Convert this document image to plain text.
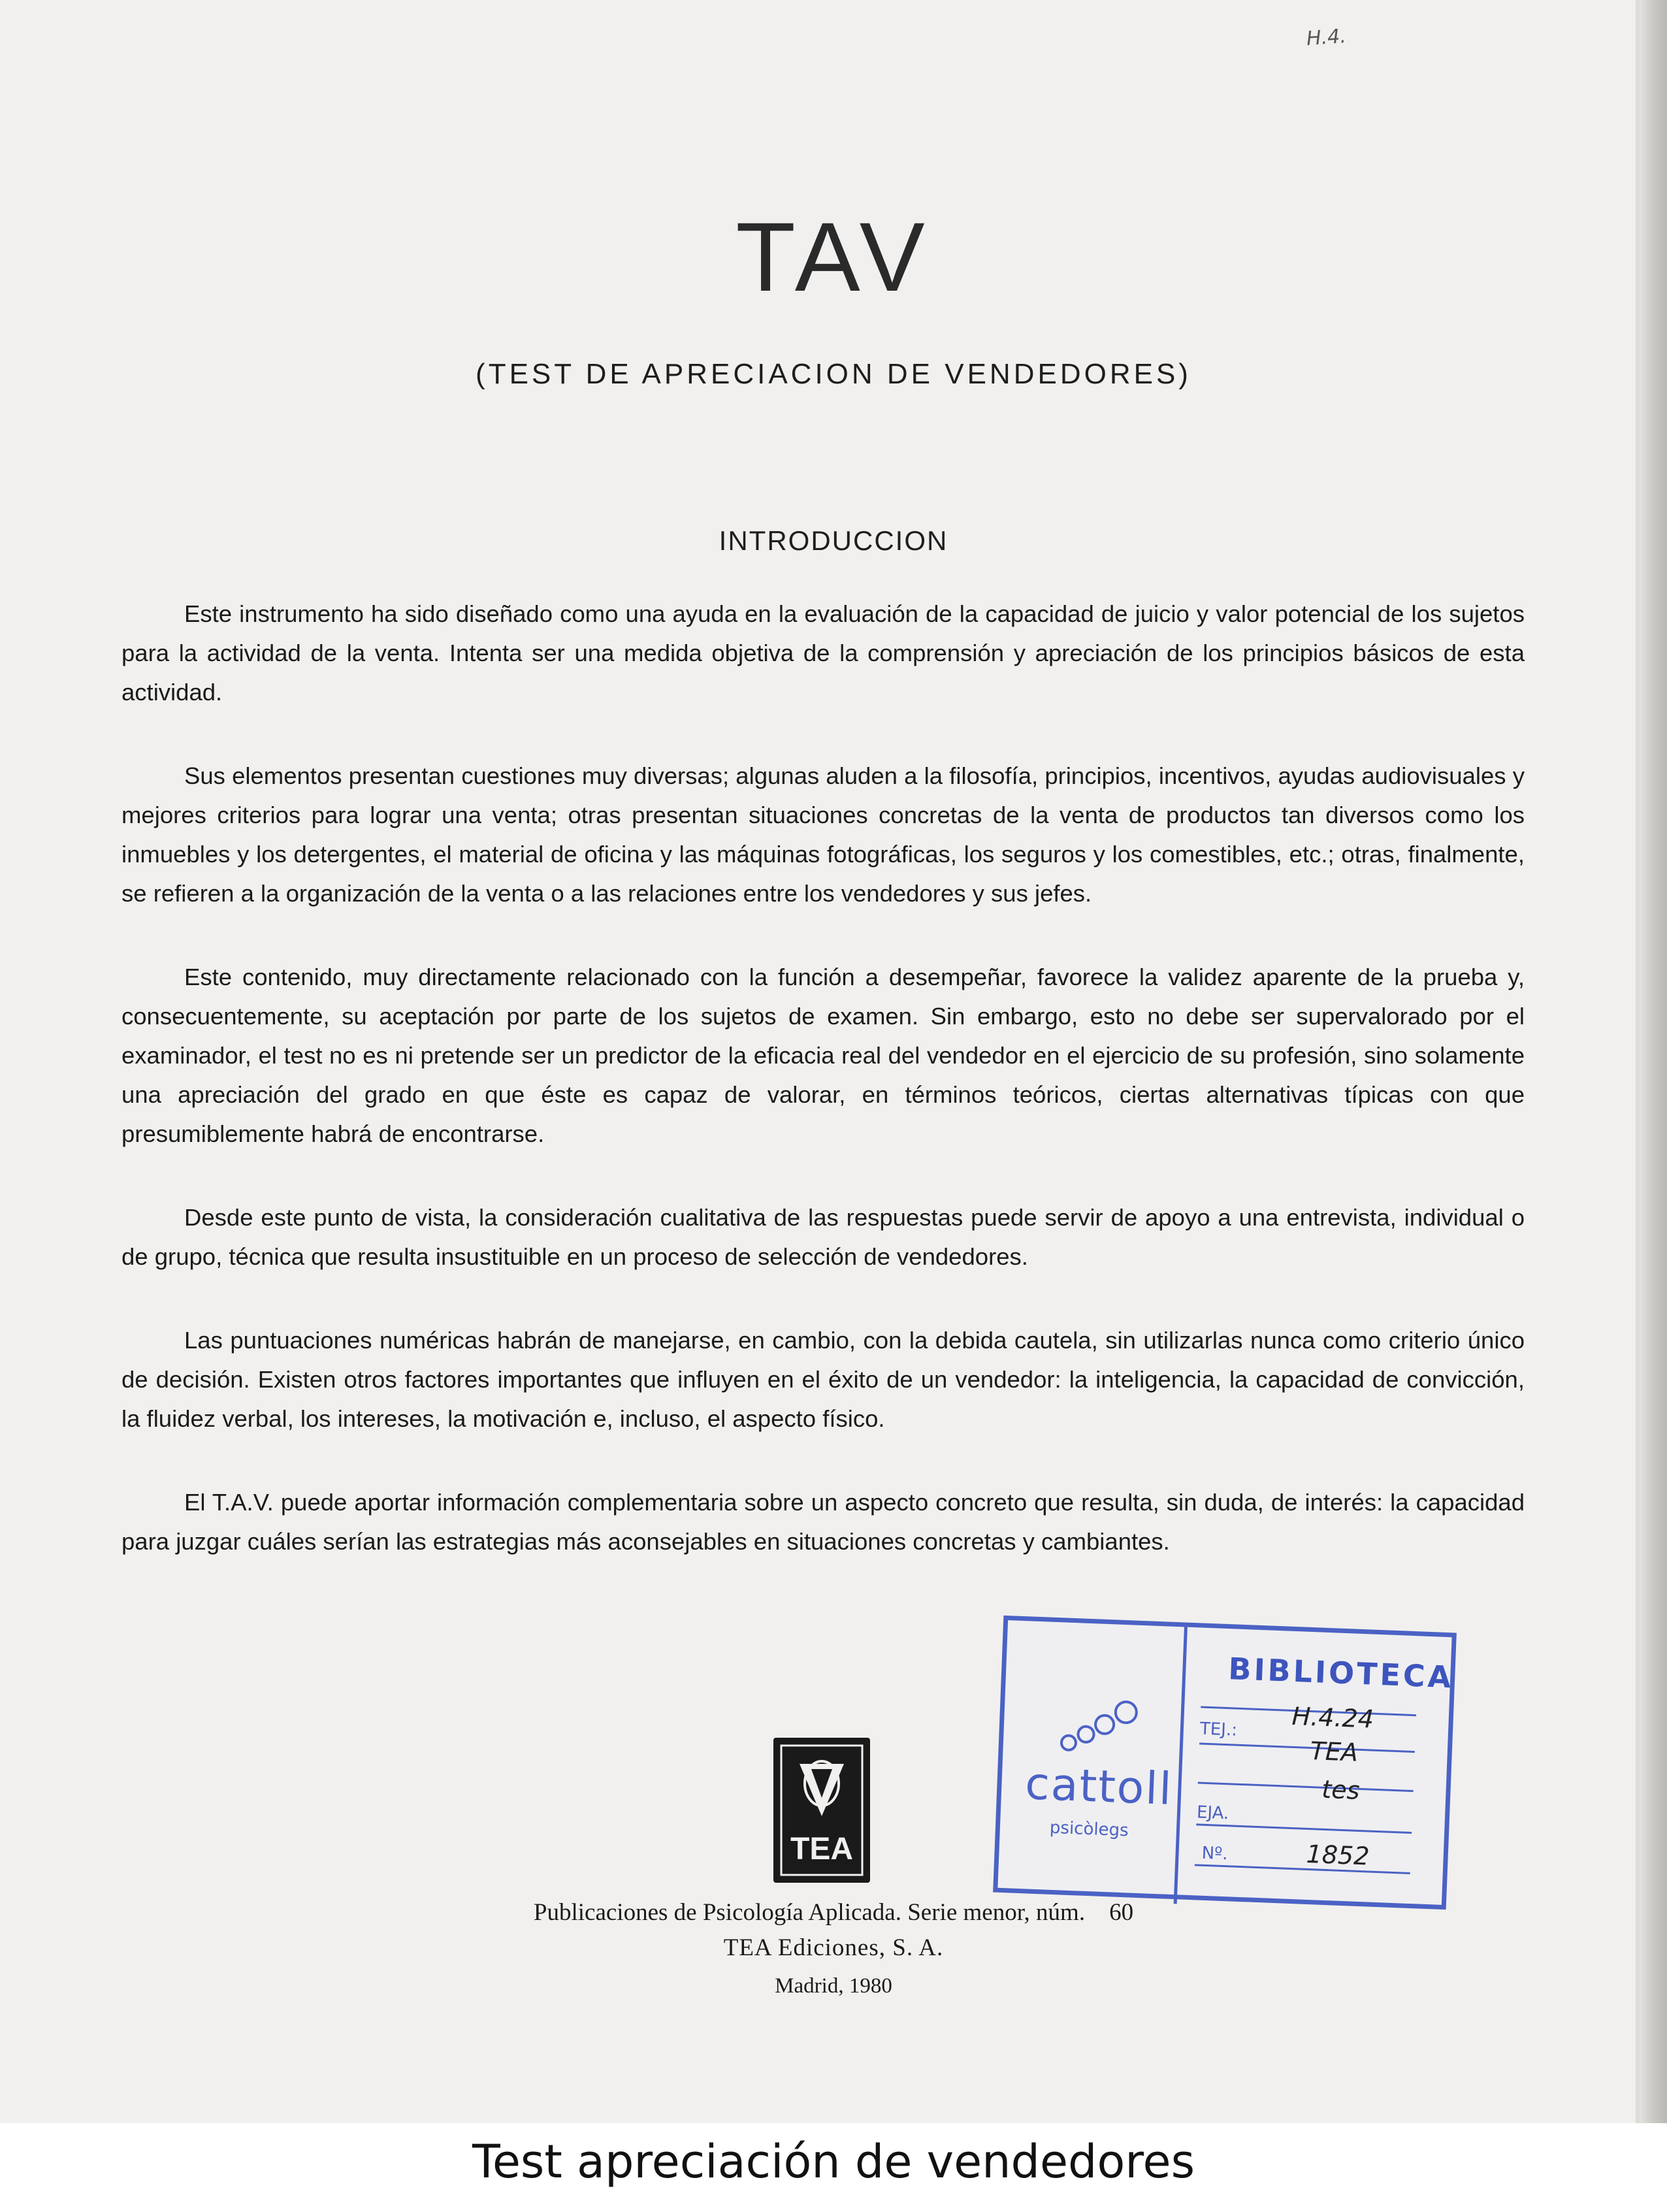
H.4.
TAV
(TEST DE APRECIACION DE VENDEDORES)
INTRODUCCION

Este instrumento ha sido diseñado como una ayuda en la evaluación de la capacidad de juicio y valor potencial de los sujetos para la actividad de la venta. Intenta ser una medida objetiva de la comprensión y apreciación de los principios básicos de esta actividad.

Sus elementos presentan cuestiones muy diversas; algunas aluden a la filosofía, principios, incentivos, ayudas audiovisuales y mejores criterios para lograr una venta; otras presentan situaciones concretas de la venta de productos tan diversos como los inmuebles y los detergentes, el material de oficina y las máquinas fotográficas, los seguros y los comestibles, etc.; otras, finalmente, se refieren a la organización de la venta o a las relaciones entre los vendedores y sus jefes.

Este contenido, muy directamente relacionado con la función a desempeñar, favorece la validez aparente de la prueba y, consecuentemente, su aceptación por parte de los sujetos de examen. Sin embargo, esto no debe ser supervalorado por el examinador, el test no es ni pretende ser un predictor de la eficacia real del vendedor en el ejercicio de su profesión, sino solamente una apreciación del grado en que éste es capaz de valorar, en términos teóricos, ciertas alternativas típicas con que presumiblemente habrá de encontrarse.

Desde este punto de vista, la consideración cualitativa de las respuestas puede servir de apoyo a una entrevista, individual o de grupo, técnica que resulta insustituible en un proceso de selección de vendedores.

Las puntuaciones numéricas habrán de manejarse, en cambio, con la debida cautela, sin utilizarlas nunca como criterio único de decisión. Existen otros factores importantes que influyen en el éxito de un vendedor: la inteligencia, la capacidad de convicción, la fluidez verbal, los intereses, la motivación e, incluso, el aspecto físico.

El T.A.V. puede aportar información complementaria sobre un aspecto concreto que resulta, sin duda, de interés: la capacidad para juzgar cuáles serían las estrategias más aconsejables en situaciones concretas y cambiantes.

TEA
cattoll
psicòlegs
BIBLIOTECA
H.4.24
TEJ.:
TEA
tes
EJA.
Nº.	1852
Publicaciones de Psicología Aplicada. Serie menor, núm.    60
TEA Ediciones, S. A.
Madrid, 1980
Test apreciación de vendedores
